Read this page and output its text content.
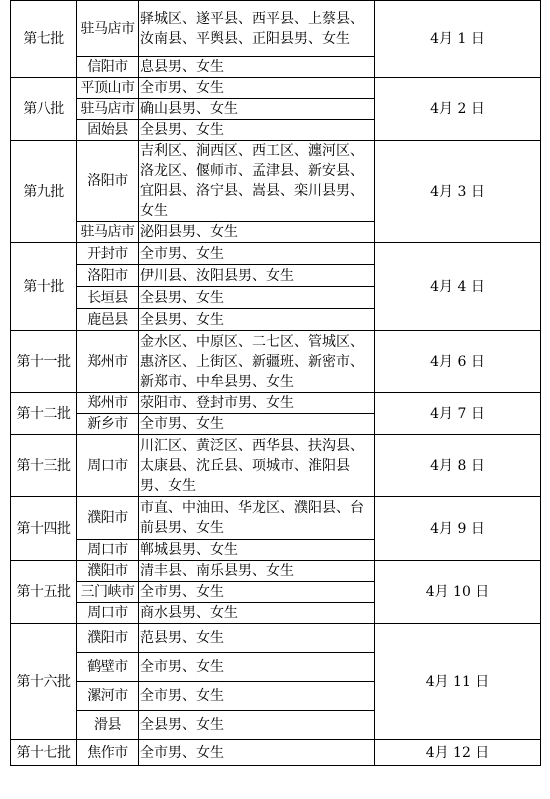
第七批	驻马店市	驿城区、遂平县、西平县、上蔡县、汝南县、平舆县、正阳县男、女生	4月 1 日
	信阳市	息县男、女生	
第八批	平顶山市	全市男、女生	4月 2 日
	驻马店市	确山县男、女生	
	固始县	全县男、女生	
第九批	洛阳市	吉利区、涧西区、西工区、瀍河区、洛龙区、偃师市、孟津县、新安县、宜阳县、洛宁县、嵩县、栾川县男、女生	4月 3 日
	驻马店市	泌阳县男、女生	
第十批	开封市	全市男、女生	4月 4 日
	洛阳市	伊川县、汝阳县男、女生	
	长垣县	全县男、女生	
	鹿邑县	全县男、女生	
第十一批	郑州市	金水区、中原区、二七区、管城区、惠济区、上街区、新疆班、新密市、新郑市、中牟县男、女生	4月 6 日
第十二批	郑州市	荥阳市、登封市男、女生	4月 7 日
	新乡市	全市男、女生	
第十三批	周口市	川汇区、黄泛区、西华县、扶沟县、太康县、沈丘县、项城市、淮阳县男、女生	4月 8 日
第十四批	濮阳市	市直、中油田、华龙区、濮阳县、台前县男、女生	4月 9 日
	周口市	郸城县男、女生	
第十五批	濮阳市	清丰县、南乐县男、女生	4月 10 日
	三门峡市	全市男、女生	
	周口市	商水县男、女生	
第十六批	濮阳市	范县男、女生	4月 11 日
	鹤壁市	全市男、女生	
	漯河市	全市男、女生	
	滑县	全县男、女生	
第十七批	焦作市	全市男、女生	4月 12 日
